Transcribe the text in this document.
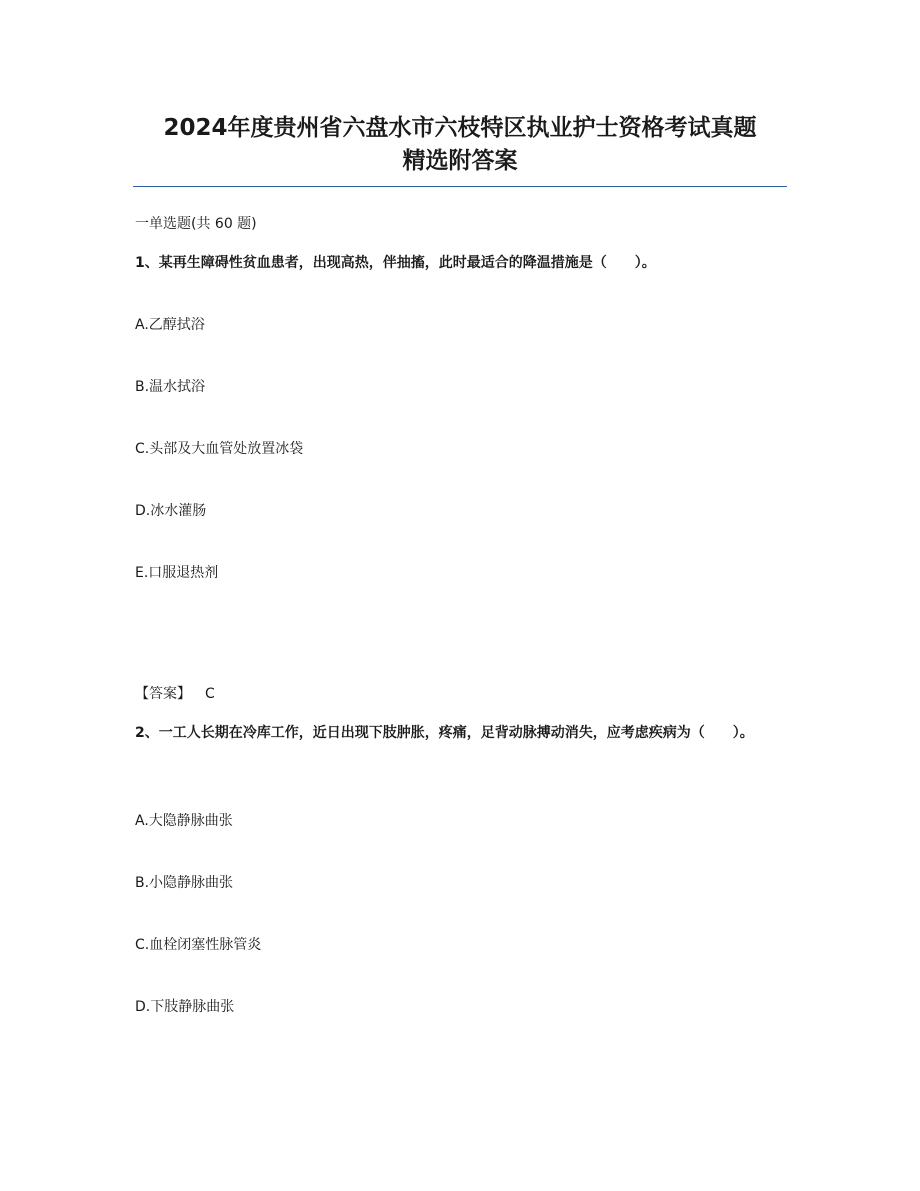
2024年度贵州省六盘水市六枝特区执业护士资格考试真题
精选附答案

一单选题(共 60 题)

1、某再生障碍性贫血患者，出现高热，伴抽搐，此时最适合的降温措施是（　　）。

A.乙醇拭浴

B.温水拭浴

C.头部及大血管处放置冰袋

D.冰水灌肠

E.口服退热剂

【答案】 C

2、一工人长期在冷库工作，近日出现下肢肿胀，疼痛，足背动脉搏动消失，应考虑疾病为（　　）。

A.大隐静脉曲张

B.小隐静脉曲张

C.血栓闭塞性脉管炎

D.下肢静脉曲张
